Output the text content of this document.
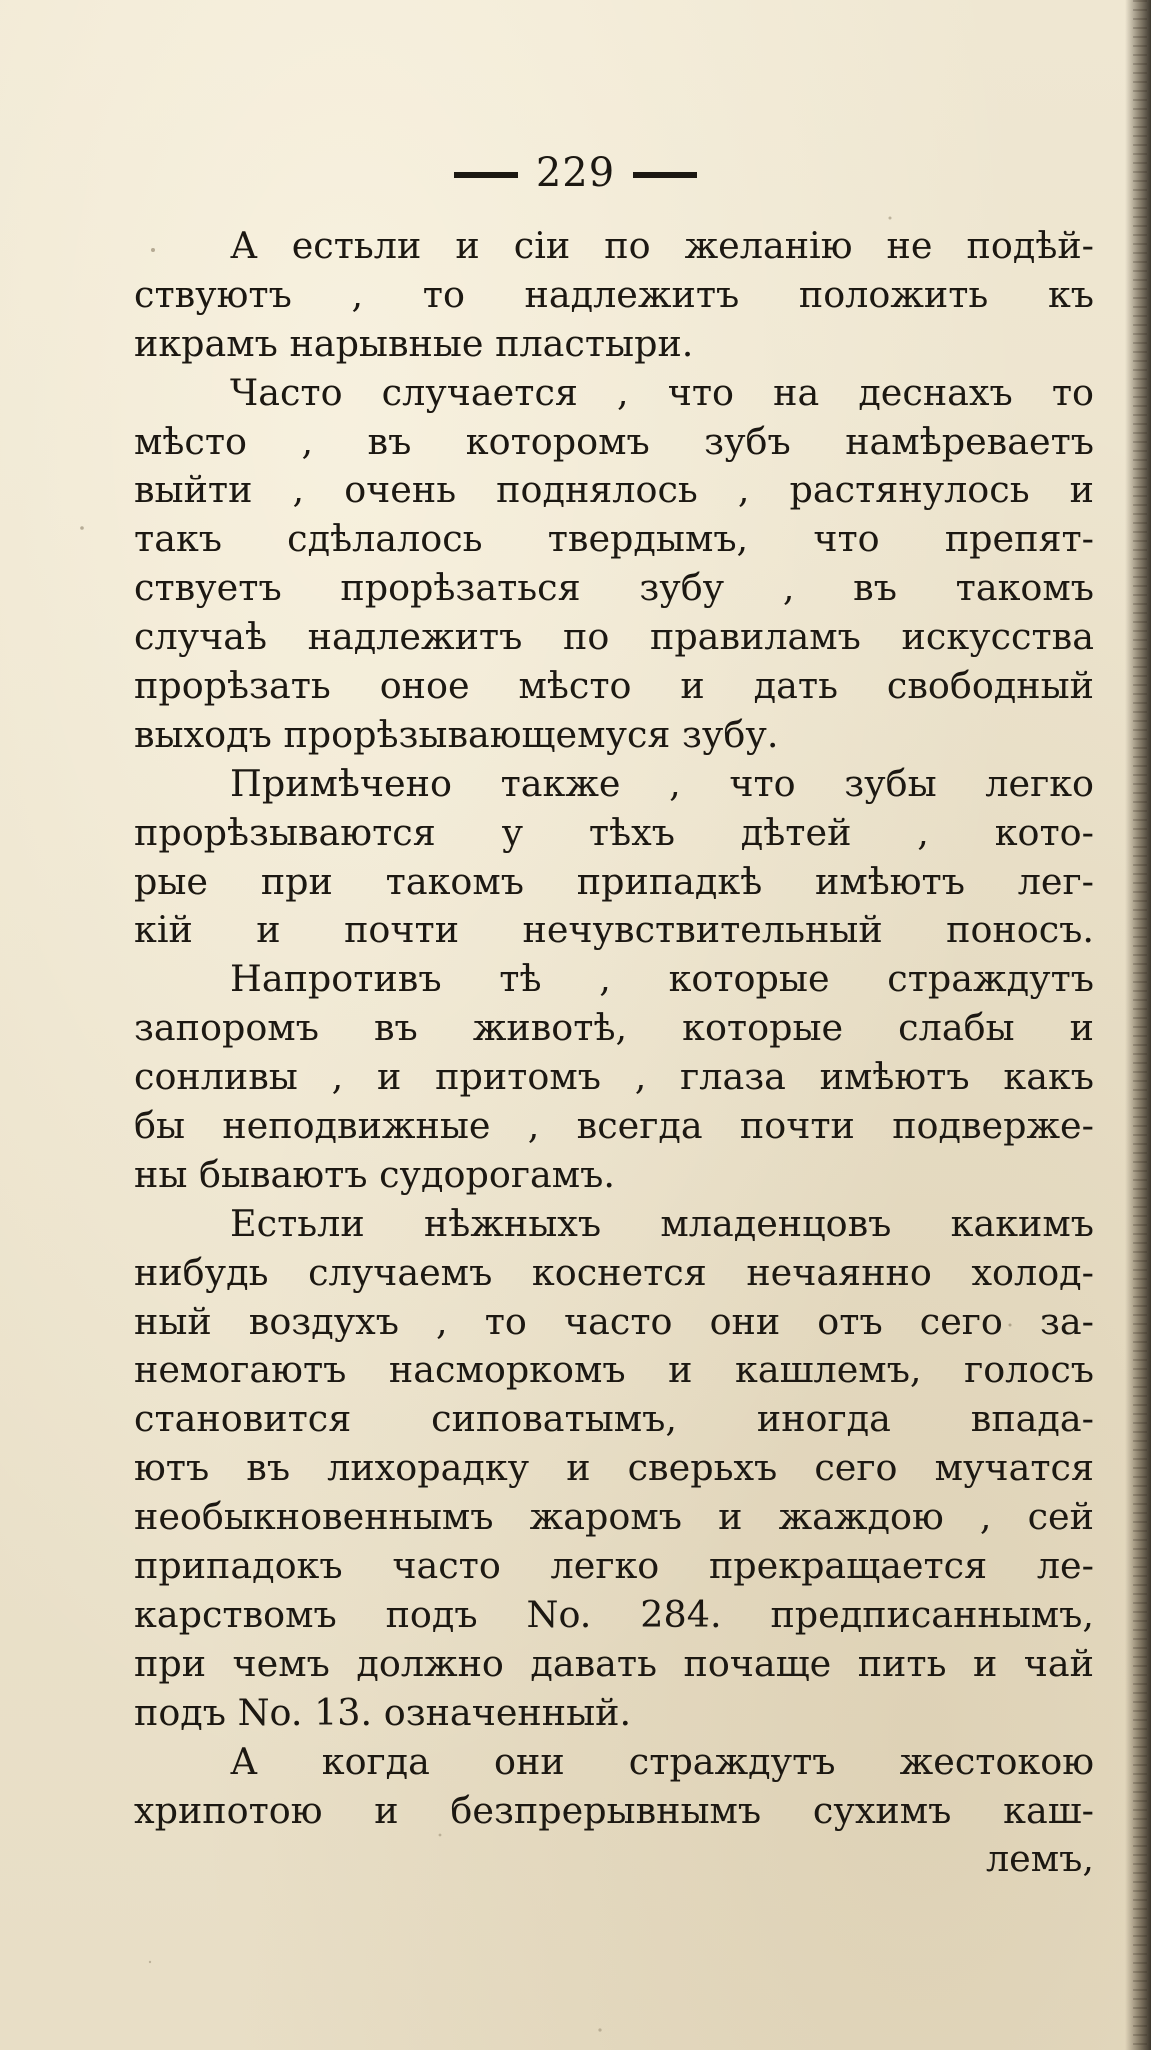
229
А естьли и сіи по желанію не подѣй-
ствуютъ , то надлежитъ положить къ
икрамъ нарывные пластыри.
Часто случается , что на деснахъ то
мѣсто , въ которомъ зубъ намѣреваетъ
выйти , очень поднялось , растянулось и
такъ сдѣлалось твердымъ, что препят-
ствуетъ прорѣзаться зубу , въ такомъ
случаѣ надлежитъ по правиламъ искусства
прорѣзать оное мѣсто и дать свободный
выходъ прорѣзывающемуся зубу.
Примѣчено также , что зубы легко
прорѣзываются у тѣхъ дѣтей , кото-
рые при такомъ припадкѣ имѣютъ лег-
кій и почти нечувствительный поносъ.
Напротивъ тѣ , которые страждутъ
запоромъ въ животѣ, которые слабы и
сонливы , и притомъ , глаза имѣютъ какъ
бы неподвижные , всегда почти подверже-
ны бываютъ судорогамъ.
Естьли нѣжныхъ младенцовъ какимъ
нибудь случаемъ коснется нечаянно холод-
ный воздухъ , то часто они отъ сего за-
немогаютъ насморкомъ и кашлемъ, голосъ
становится сиповатымъ, иногда впада-
ютъ въ лихорадку и сверьхъ сего мучатся
необыкновеннымъ жаромъ и жаждою , сей
припадокъ часто легко прекращается ле-
карствомъ подъ No. 284. предписаннымъ,
при чемъ должно давать почаще пить и чай
подъ No. 13. означенный.
А когда они страждутъ жестокою
хрипотою и безпрерывнымъ сухимъ каш-
лемъ,
